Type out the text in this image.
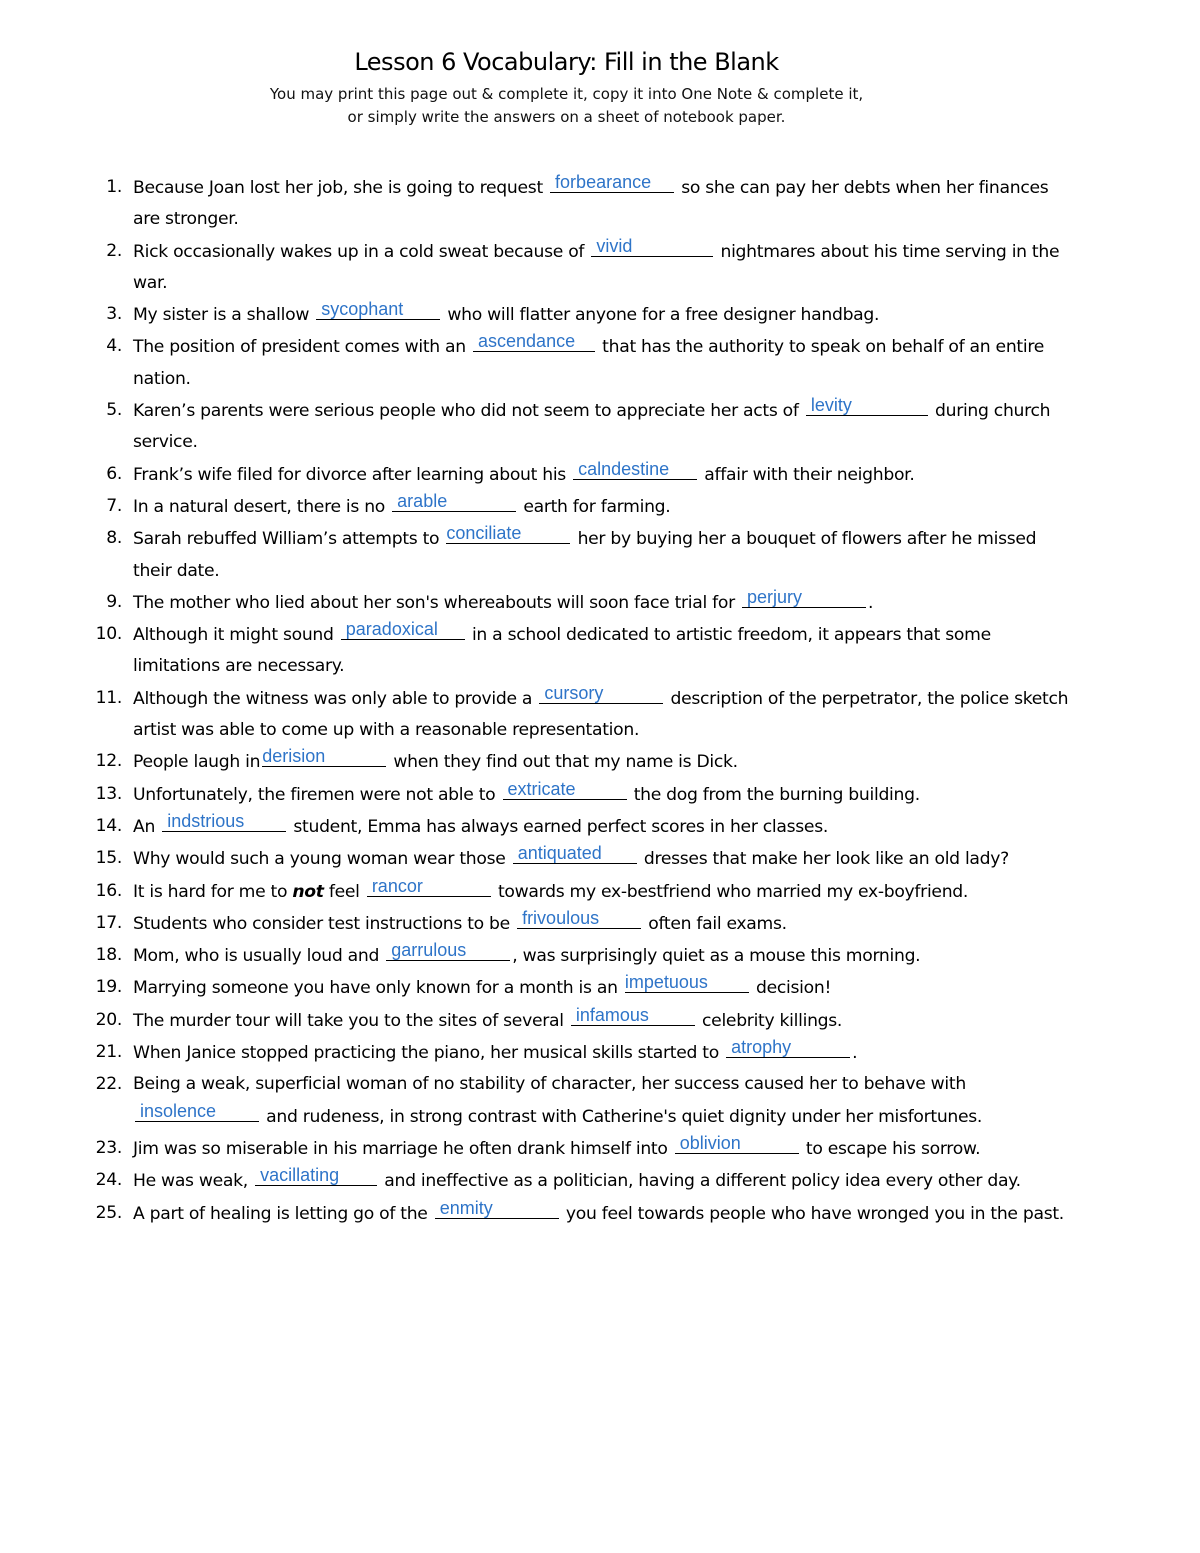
Lesson 6 Vocabulary: Fill in the Blank
You may print this page out & complete it, copy it into One Note & complete it,
or simply write the answers on a sheet of notebook paper.
1. Because Joan lost her job, she is going to request forbearance so she can pay her debts when her finances are stronger.
2. Rick occasionally wakes up in a cold sweat because of vivid	nightmares about his time serving in the war.
3. My sister is a shallow sycophant who will flatter anyone for a free designer handbag.
4. The position of president comes with an ascendance that has the authority to speak on behalf of an entire nation.
5. Karen’s parents were serious people who did not seem to appreciate her acts of levity	during church service.
6. Frank’s wife filed for divorce after learning about his calndestine affair with their neighbor.
7. In a natural desert, there is no arable	earth for farming.
8. Sarah rebuffed William’s attempts to conciliate	her by buying her a bouquet of flowers after he missed their date.
9. The mother who lied about her son's whereabouts will soon face trial for perjury	.
10. Although it might sound paradoxical in a school dedicated to artistic freedom, it appears that some limitations are necessary.
11. Although the witness was only able to provide a cursory	description of the perpetrator, the police sketch artist was able to come up with a reasonable representation.
12. People laugh in derision	when they find out that my name is Dick.
13. Unfortunately, the firemen were not able to extricate	the dog from the burning building.
14. An indstrious	student, Emma has always earned perfect scores in her classes.
15. Why would such a young woman wear those antiquated dresses that make her look like an old lady?
16. It is hard for me to not feel rancor	towards my ex-bestfriend who married my ex-boyfriend.
17. Students who consider test instructions to be frivoulous	often fail exams.
18. Mom, who is usually loud and garrulous	, was surprisingly quiet as a mouse this morning.
19. Marrying someone you have only known for a month is an impetuous decision!
20. The murder tour will take you to the sites of several infamous	celebrity killings.
21. When Janice stopped practicing the piano, her musical skills started to atrophy	.
22. Being a weak, superficial woman of no stability of character, her success caused her to behave with
insolence	and rudeness, in strong contrast with Catherine's quiet dignity under her misfortunes.
23. Jim was so miserable in his marriage he often drank himself into oblivion	to escape his sorrow.
24. He was weak, vacillating and ineffective as a politician, having a different policy idea every other day.
25. A part of healing is letting go of the enmity	you feel towards people who have wronged you in the past.
